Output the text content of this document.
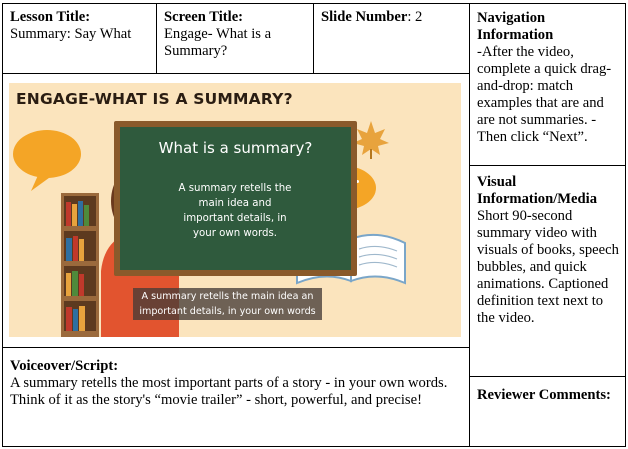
Lesson Title:
Summary: Say What
Screen Title:
Engage- What is a Summary?
Slide Number: 2	Navigation Information
-After the video, complete a quick drag-and-drop: match examples that are and are not summaries. -Then click “Next”.
Visual Information/Media
Short 90-second summary video with visuals of books, speech bubbles, and quick animations. Captioned definition text next to the video.
Reviewer Comments:
ENGAGE-WHAT IS A SUMMARY?
What is a summary?
A summary retells the main idea and important details, in your own words.
A summary retells the main idea an important details, in your own words
Voiceover/Script:
A summary retells the most important parts of a story - in your own words. Think of it as the story's “movie trailer” - short, powerful, and precise!
